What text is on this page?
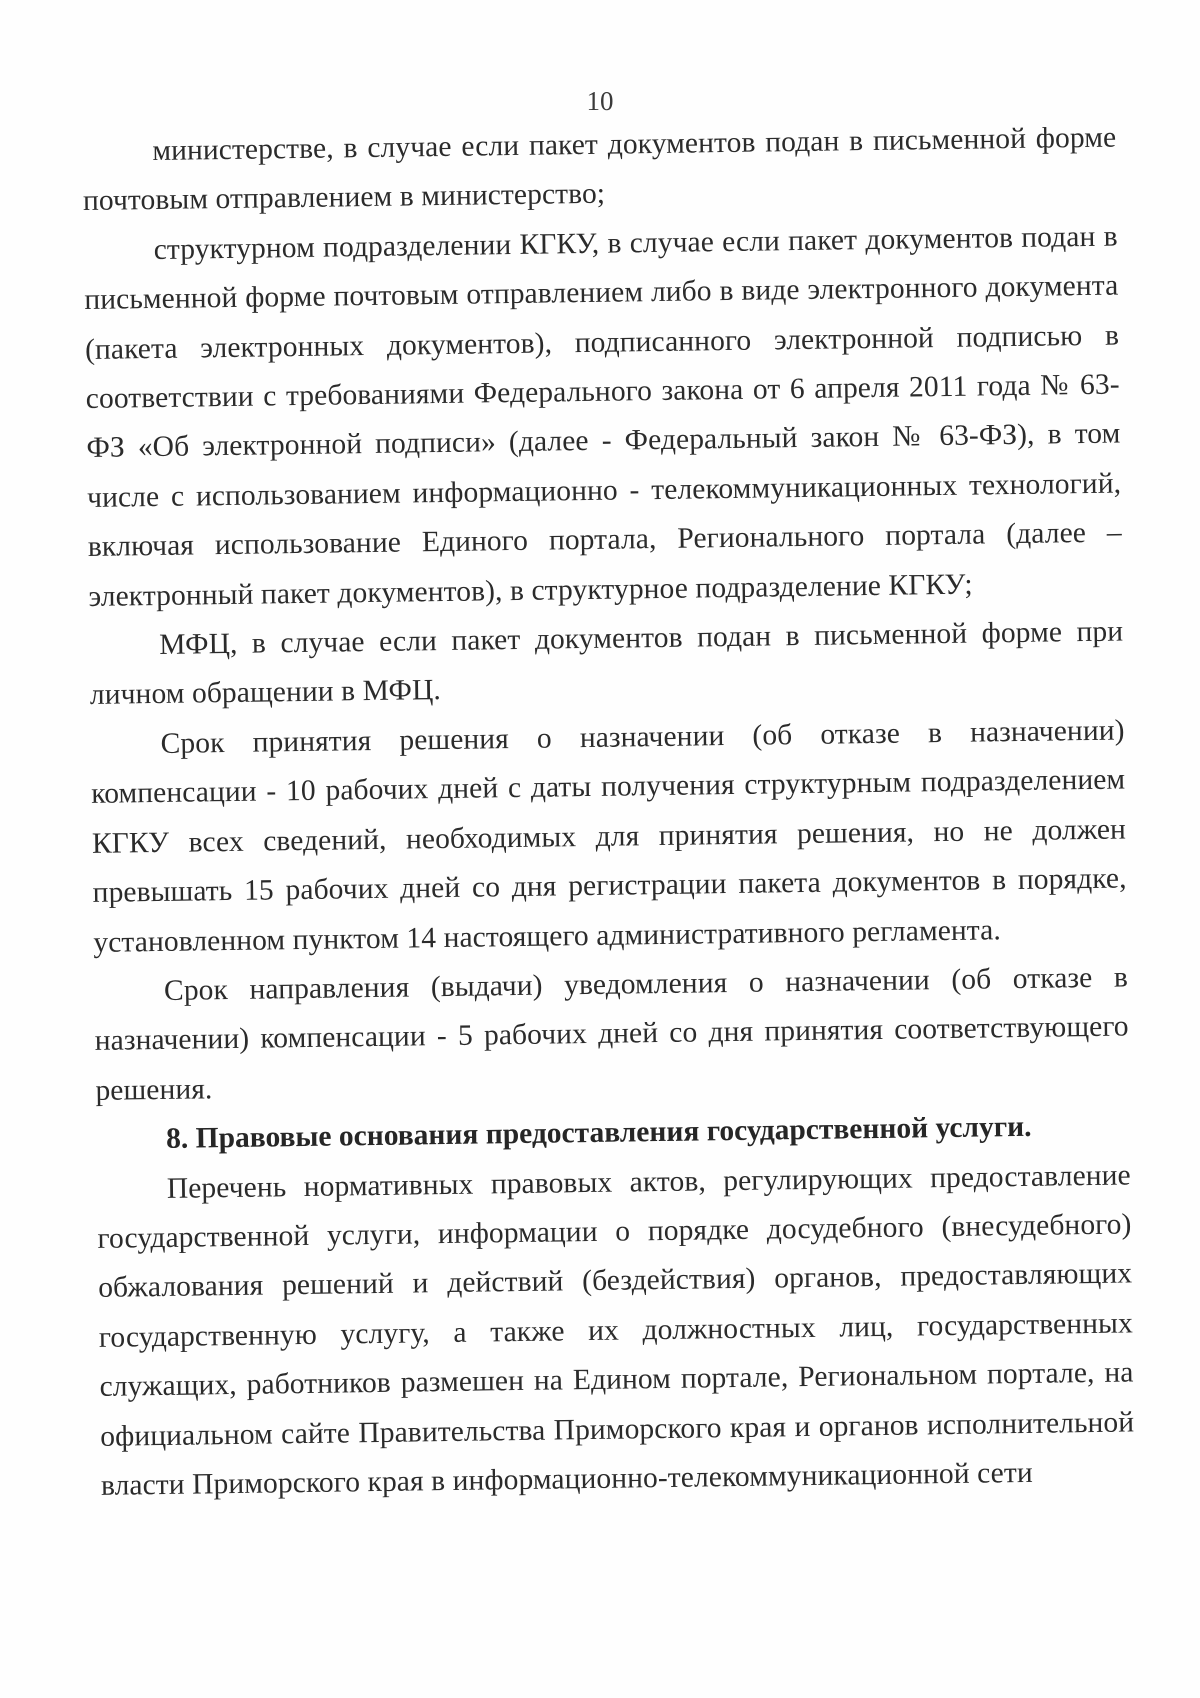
10

министерстве, в случае если пакет документов подан в письменной форме почтовым отправлением в министерство;

структурном подразделении КГКУ, в случае если пакет документов подан в письменной форме почтовым отправлением либо в виде электронного документа (пакета электронных документов), подписанного электронной подписью в соответствии с требованиями Федерального закона от 6 апреля 2011 года № 63-ФЗ «Об электронной подписи» (далее - Федеральный закон № 63-ФЗ), в том числе с использованием информационно - телекоммуникационных технологий, включая использование Единого портала, Регионального портала (далее – электронный пакет документов), в структурное подразделение КГКУ;

МФЦ, в случае если пакет документов подан в письменной форме при личном обращении в МФЦ.

Срок принятия решения о назначении (об отказе в назначении) компенсации - 10 рабочих дней с даты получения структурным подразделением КГКУ всех сведений, необходимых для принятия решения, но не должен превышать 15 рабочих дней со дня регистрации пакета документов в порядке, установленном пунктом 14 настоящего административного регламента.

Срок направления (выдачи) уведомления о назначении (об отказе в назначении) компенсации - 5 рабочих дней со дня принятия соответствующего решения.

8. Правовые основания предоставления государственной услуги.

Перечень нормативных правовых актов, регулирующих предоставление государственной услуги, информации о порядке досудебного (внесудебного) обжалования решений и действий (бездействия) органов, предоставляющих государственную услугу, а также их должностных лиц, государственных служащих, работников размешен на Едином портале, Региональном портале, на официальном сайте Правительства Приморского края и органов исполнительной власти Приморского края в информационно-телекоммуникационной сети
